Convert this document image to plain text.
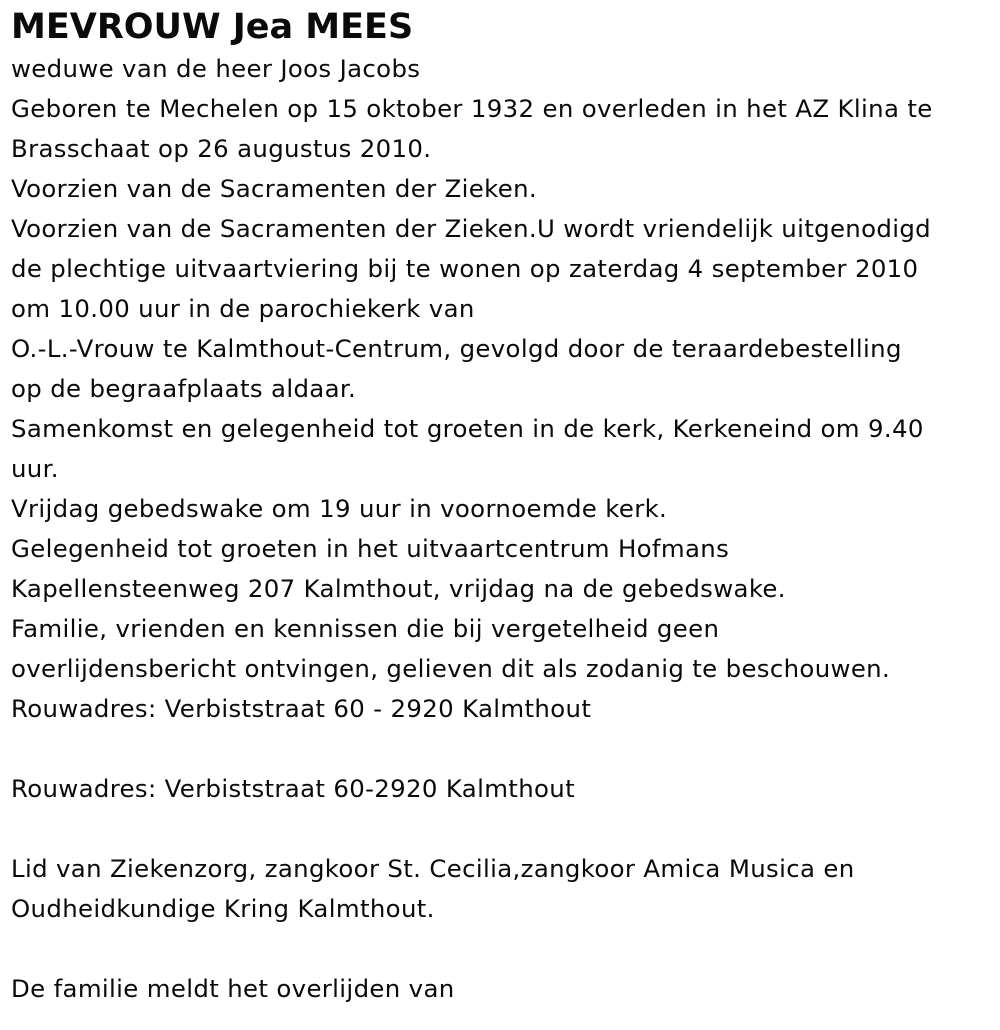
MEVROUW Jea MEES
weduwe van de heer Joos Jacobs
Geboren te Mechelen op 15 oktober 1932 en overleden in het AZ Klina te
Brasschaat op 26 augustus 2010.
Voorzien van de Sacramenten der Zieken.
Voorzien van de Sacramenten der Zieken.U wordt vriendelijk uitgenodigd
de plechtige uitvaartviering bij te wonen op zaterdag 4 september 2010
om 10.00 uur in de parochiekerk van
O.-L.-Vrouw te Kalmthout-Centrum, gevolgd door de teraardebestelling
op de begraafplaats aldaar.
Samenkomst en gelegenheid tot groeten in de kerk, Kerkeneind om 9.40
uur.
Vrijdag gebedswake om 19 uur in voornoemde kerk.
Gelegenheid tot groeten in het uitvaartcentrum Hofmans
Kapellensteenweg 207 Kalmthout, vrijdag na de gebedswake.
Familie, vrienden en kennissen die bij vergetelheid geen
overlijdensbericht ontvingen, gelieven dit als zodanig te beschouwen.
Rouwadres: Verbiststraat 60 - 2920 Kalmthout
Rouwadres: Verbiststraat 60-2920 Kalmthout
Lid van Ziekenzorg, zangkoor St. Cecilia,zangkoor Amica Musica en
Oudheidkundige Kring Kalmthout.
De familie meldt het overlijden van
